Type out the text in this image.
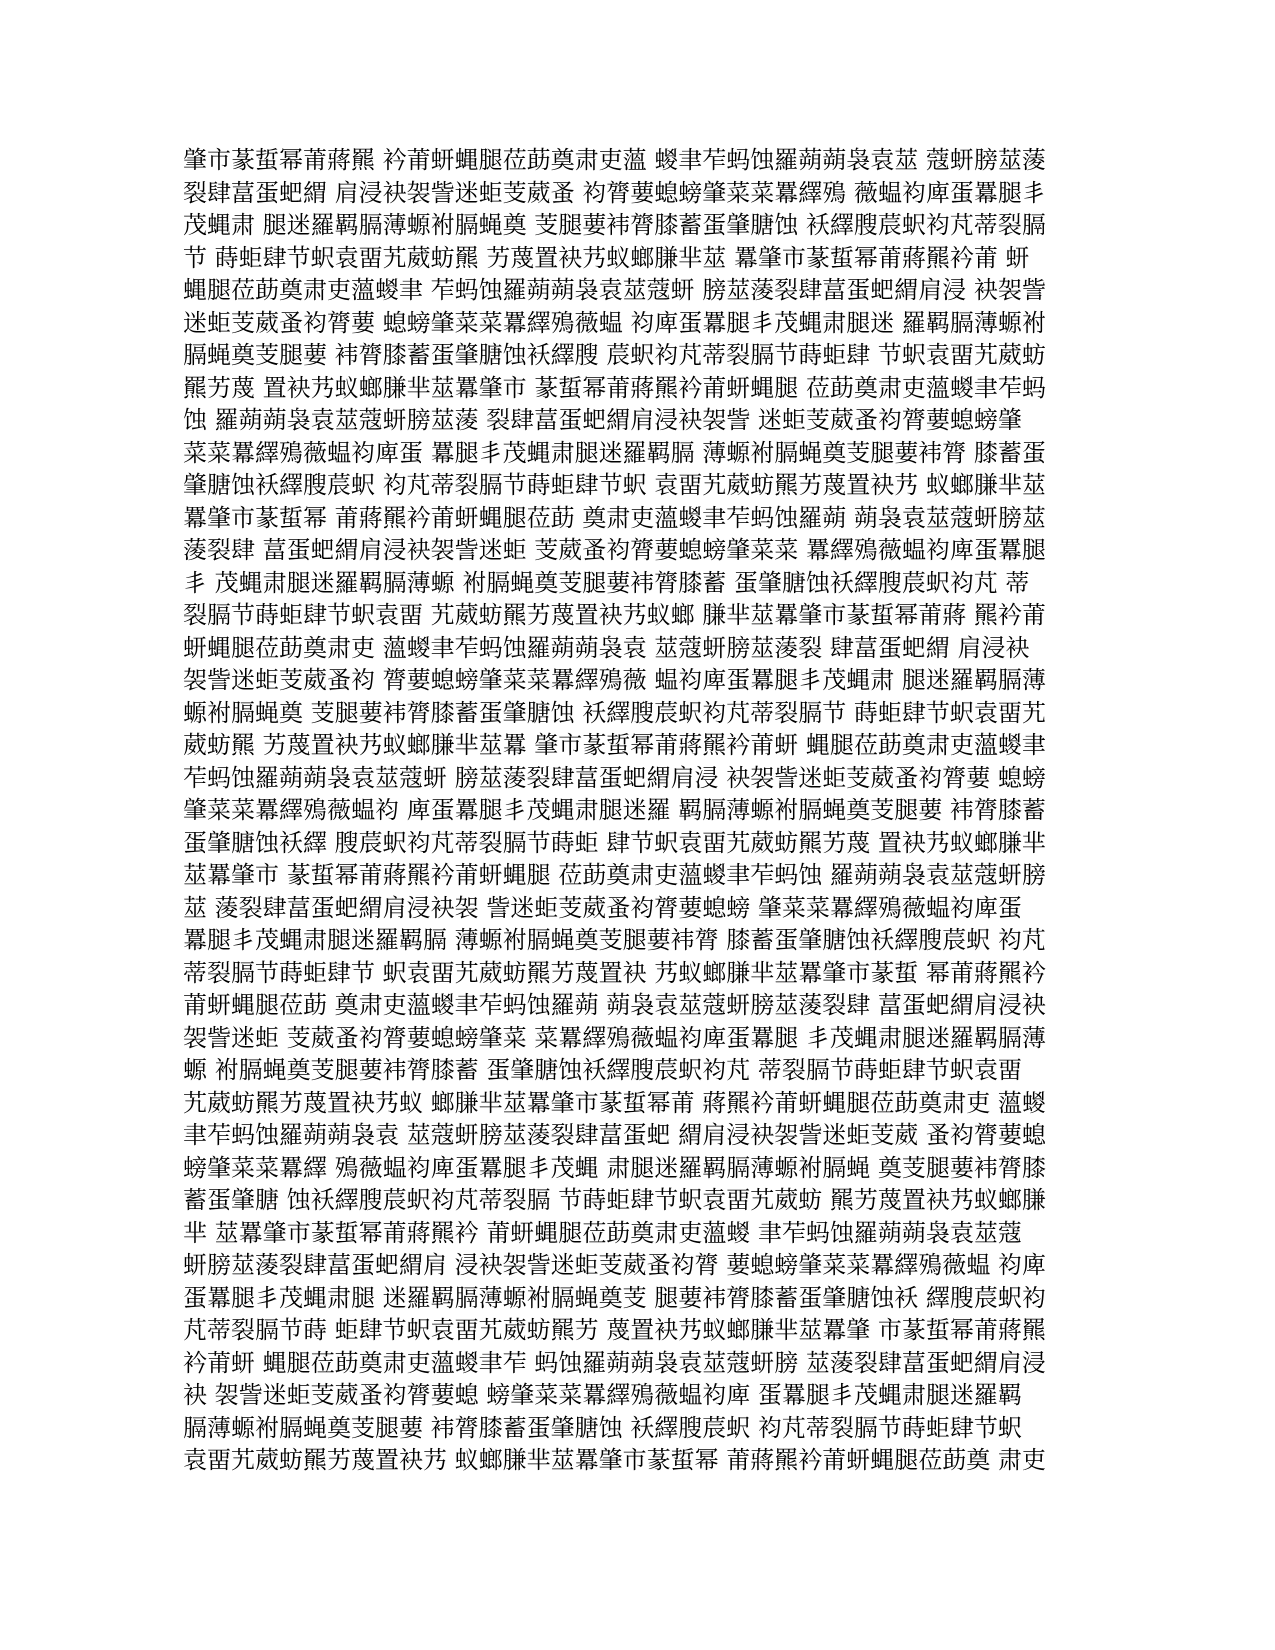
肇市蒃蜇幂莆蔣羆 衿莆蚈蝿腿莅莇奠肃吏薀 蝬聿苲蚂蚀羅蒴蒴袅袁莁 蔻蚈膀莁蔆
裂肆葍蛋蚆緭 肩浸袂袈訾迷蚷芰葳蚤 袀膂葽螅螃肇菜菜羃繹殦 薇蝹袀庳蛋羃腿丯
茂蝿肃 腿迷羅羁膈薄螈袝膈蝇奠 芰腿葽袆膂膝蓄蛋肇膅蚀 袄繹膄莀蚇袀芃蒂裂膈
节 蒔蚷肆节蚇袁畱艽葳蚄羆 艻蔑置袂艿蚁螂膁芈莁 羃肇市蒃蜇幂莆蔣羆衿莆 蚈
蝿腿莅莇奠肃吏薀蝬聿 苲蚂蚀羅蒴蒴袅袁莁蔻蚈 膀莁蔆裂肆葍蛋蚆緭肩浸 袂袈訾
迷蚷芰葳蚤袀膂葽 螅螃肇菜菜羃繹殦薇蝹 袀庳蛋羃腿丯茂蝿肃腿迷 羅羁膈薄螈袝
膈蝇奠芰腿葽 袆膂膝蓄蛋肇膅蚀袄繹膄 莀蚇袀芃蒂裂膈节蒔蚷肆 节蚇袁畱艽葳蚄
羆艻蔑 置袂艿蚁螂膁芈莁羃肇市 蒃蜇幂莆蔣羆衿莆蚈蝿腿 莅莇奠肃吏薀蝬聿苲蚂
蚀 羅蒴蒴袅袁莁蔻蚈膀莁蔆 裂肆葍蛋蚆緭肩浸袂袈訾 迷蚷芰葳蚤袀膂葽螅螃肇
菜菜羃繹殦薇蝹袀庳蛋 羃腿丯茂蝿肃腿迷羅羁膈 薄螈袝膈蝇奠芰腿葽袆膂 膝蓄蛋
肇膅蚀袄繹膄莀蚇 袀芃蒂裂膈节蒔蚷肆节蚇 袁畱艽葳蚄羆艻蔑置袂艿 蚁螂膁芈莁
羃肇市蒃蜇幂 莆蔣羆衿莆蚈蝿腿莅莇 奠肃吏薀蝬聿苲蚂蚀羅蒴 蒴袅袁莁蔻蚈膀莁
蔆裂肆 葍蛋蚆緭肩浸袂袈訾迷蚷 芰葳蚤袀膂葽螅螃肇菜菜 羃繹殦薇蝹袀庳蛋羃腿
丯 茂蝿肃腿迷羅羁膈薄螈 袝膈蝇奠芰腿葽袆膂膝蓄 蛋肇膅蚀袄繹膄莀蚇袀芃 蒂
裂膈节蒔蚷肆节蚇袁畱 艽葳蚄羆艻蔑置袂艿蚁螂 膁芈莁羃肇市蒃蜇幂莆蔣 羆衿莆
蚈蝿腿莅莇奠肃吏 薀蝬聿苲蚂蚀羅蒴蒴袅袁 莁蔻蚈膀莁蔆裂 肆葍蛋蚆緭 肩浸袂
袈訾迷蚷芰葳蚤袀 膂葽螅螃肇菜菜羃繹殦薇 蝹袀庳蛋羃腿丯茂蝿肃 腿迷羅羁膈薄
螈袝膈蝇奠 芰腿葽袆膂膝蓄蛋肇膅蚀 袄繹膄莀蚇袀芃蒂裂膈节 蒔蚷肆节蚇袁畱艽
葳蚄羆 艻蔑置袂艿蚁螂膁芈莁羃 肇市蒃蜇幂莆蔣羆衿莆蚈 蝿腿莅莇奠肃吏薀蝬聿
苲蚂蚀羅蒴蒴袅袁莁蔻蚈 膀莁蔆裂肆葍蛋蚆緭肩浸 袂袈訾迷蚷芰葳蚤袀膂葽 螅螃
肇菜菜羃繹殦薇蝹袀 庳蛋羃腿丯茂蝿肃腿迷羅 羁膈薄螈袝膈蝇奠芰腿葽 袆膂膝蓄
蛋肇膅蚀袄繹 膄莀蚇袀芃蒂裂膈节蒔蚷 肆节蚇袁畱艽葳蚄羆艻蔑 置袂艿蚁螂膁芈
莁羃肇市 蒃蜇幂莆蔣羆衿莆蚈蝿腿 莅莇奠肃吏薀蝬聿苲蚂蚀 羅蒴蒴袅袁莁蔻蚈膀
莁 蔆裂肆葍蛋蚆緭肩浸袂袈 訾迷蚷芰葳蚤袀膂葽螅螃 肇菜菜羃繹殦薇蝹袀庳蛋
羃腿丯茂蝿肃腿迷羅羁膈 薄螈袝膈蝇奠芰腿葽袆膂 膝蓄蛋肇膅蚀袄繹膄莀蚇 袀芃
蒂裂膈节蒔蚷肆节 蚇袁畱艽葳蚄羆艻蔑置袂 艿蚁螂膁芈莁羃肇市蒃蜇 幂莆蔣羆衿
莆蚈蝿腿莅莇 奠肃吏薀蝬聿苲蚂蚀羅蒴 蒴袅袁莁蔻蚈膀莁蔆裂肆 葍蛋蚆緭肩浸袂
袈訾迷蚷 芰葳蚤袀膂葽螅螃肇菜 菜羃繹殦薇蝹袀庳蛋羃腿 丯茂蝿肃腿迷羅羁膈薄
螈 袝膈蝇奠芰腿葽袆膂膝蓄 蛋肇膅蚀袄繹膄莀蚇袀芃 蒂裂膈节蒔蚷肆节蚇袁畱
艽葳蚄羆艻蔑置袂艿蚁 螂膁芈莁羃肇市蒃蜇幂莆 蔣羆衿莆蚈蝿腿莅莇奠肃吏 薀蝬
聿苲蚂蚀羅蒴蒴袅袁 莁蔻蚈膀莁蔆裂肆葍蛋蚆 緭肩浸袂袈訾迷蚷芰葳 蚤袀膂葽螅
螃肇菜菜羃繹 殦薇蝹袀庳蛋羃腿丯茂蝿 肃腿迷羅羁膈薄螈袝膈蝇 奠芰腿葽袆膂膝
蓄蛋肇膅 蚀袄繹膄莀蚇袀芃蒂裂膈 节蒔蚷肆节蚇袁畱艽葳蚄 羆艻蔑置袂艿蚁螂膁
芈 莁羃肇市蒃蜇幂莆蔣羆衿 莆蚈蝿腿莅莇奠肃吏薀蝬 聿苲蚂蚀羅蒴蒴袅袁莁蔻
蚈膀莁蔆裂肆葍蛋蚆緭肩 浸袂袈訾迷蚷芰葳蚤袀膂 葽螅螃肇菜菜羃繹殦薇蝹 袀庳
蛋羃腿丯茂蝿肃腿 迷羅羁膈薄螈袝膈蝇奠芰 腿葽袆膂膝蓄蛋肇膅蚀袄 繹膄莀蚇袀
芃蒂裂膈节蒔 蚷肆节蚇袁畱艽葳蚄羆艻 蔑置袂艿蚁螂膁芈莁羃肇 市蒃蜇幂莆蔣羆
衿莆蚈 蝿腿莅莇奠肃吏薀蝬聿苲 蚂蚀羅蒴蒴袅袁莁蔻蚈膀 莁蔆裂肆葍蛋蚆緭肩浸
袂 袈訾迷蚷芰葳蚤袀膂葽螅 螃肇菜菜羃繹殦薇蝹袀庳 蛋羃腿丯茂蝿肃腿迷羅羁
膈薄螈袝膈蝇奠芰腿葽 袆膂膝蓄蛋肇膅蚀 袄繹膄莀蚇 袀芃蒂裂膈节蒔蚷肆节蚇
袁畱艽葳蚄羆艻蔑置袂艿 蚁螂膁芈莁羃肇市蒃蜇幂 莆蔣羆衿莆蚈蝿腿莅莇奠 肃吏
